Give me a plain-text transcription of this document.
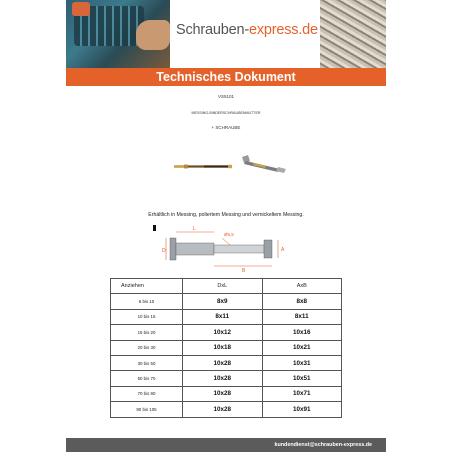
Schrauben-express.de
Technisches Dokument
VS5101
MESSING-BINDERSCHRAUBENMUTTER
+ SCHRAUBE
Erhältlich in Messing, poliertem Messing und vernickeltem Messing.
L
D
Ø5,5
B
A
Anziehen	DxL	AxB
6 bis 10	8x9	8x8
10 bis 15	8x11	8x11
15 bis 20	10x12	10x16
20 bis 30	10x18	10x21
30 bis 50	10x28	10x31
50 bis 70	10x28	10x51
70 bis 90	10x28	10x71
90 bis 105	10x28	10x91
kundendienst@schrauben-express.de
